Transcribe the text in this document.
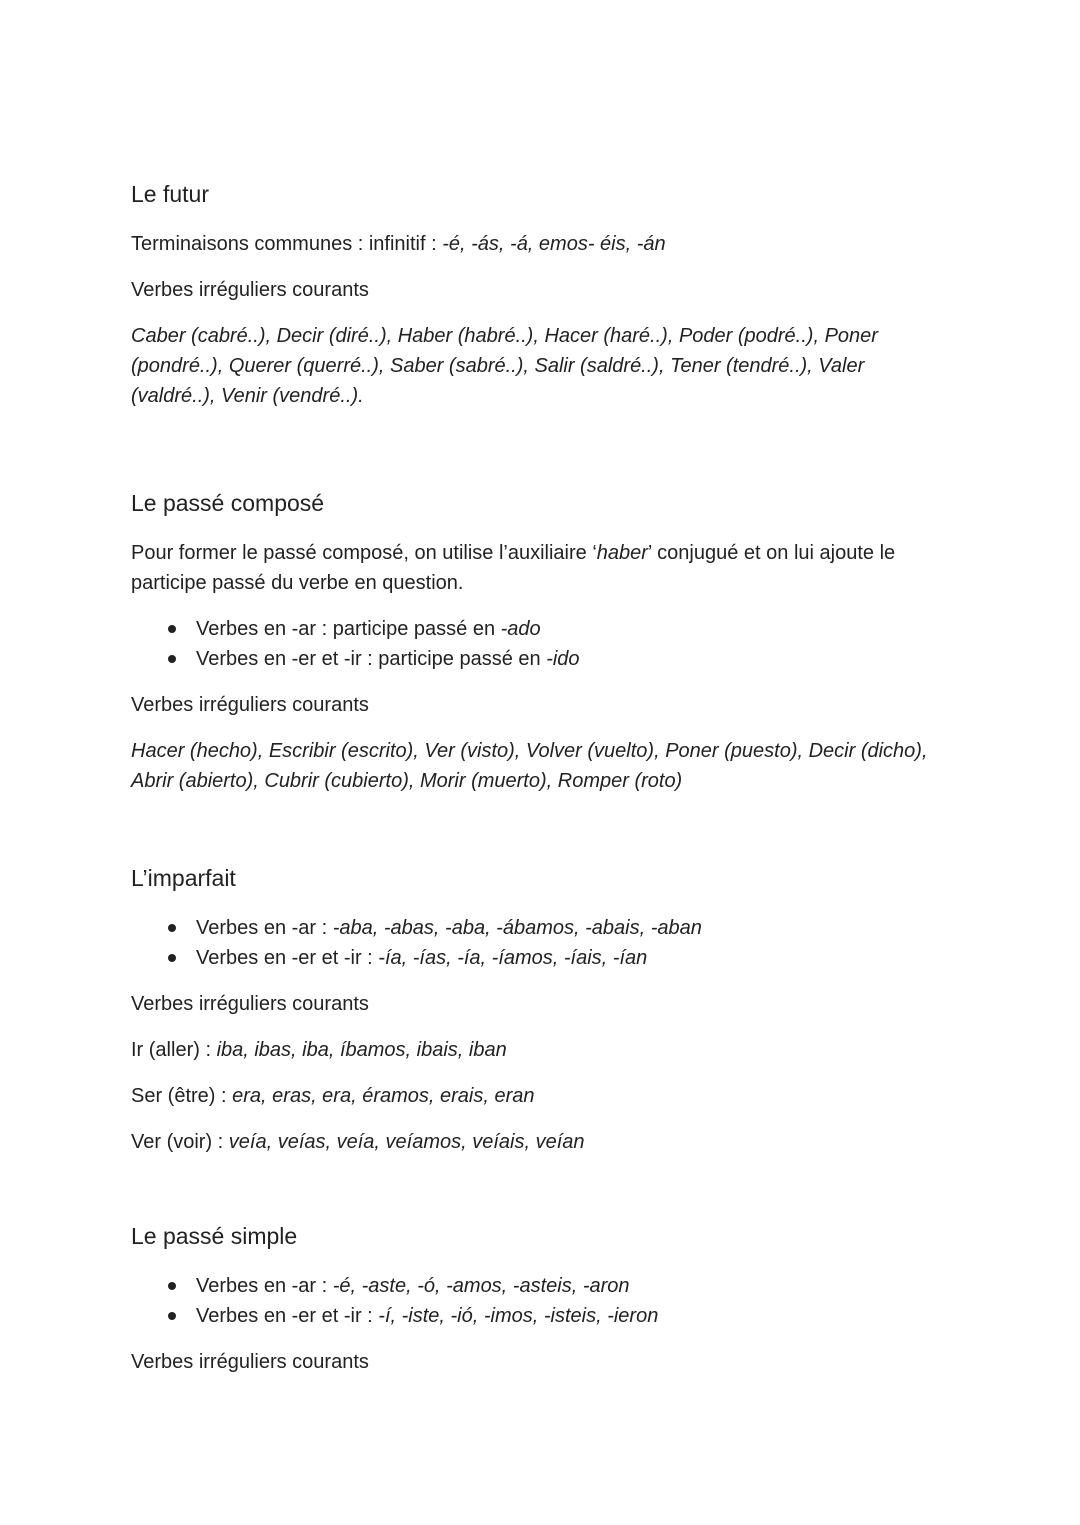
Le futur

Terminaisons communes : infinitif : -é, -ás, -á, emos- éis, -án

Verbes irréguliers courants

Caber (cabré..), Decir (diré..), Haber (habré..), Hacer (haré..), Poder (podré..), Poner (pondré..), Querer (querré..), Saber (sabré..), Salir (saldré..), Tener (tendré..), Valer (valdré..), Venir (vendré..).

Le passé composé

Pour former le passé composé, on utilise l’auxiliaire ‘haber’ conjugué et on lui ajoute le participe passé du verbe en question.

Verbes en -ar : participe passé en -ado
Verbes en -er et -ir : participe passé en -ido

Verbes irréguliers courants

Hacer (hecho), Escribir (escrito), Ver (visto), Volver (vuelto), Poner (puesto), Decir (dicho), Abrir (abierto), Cubrir (cubierto), Morir (muerto), Romper (roto)

L’imparfait
Verbes en -ar : -aba, -abas, -aba, -ábamos, -abais, -aban
Verbes en -er et -ir : -ía, -ías, -ía, -íamos, -íais, -ían

Verbes irréguliers courants

Ir (aller) : iba, ibas, iba, íbamos, ibais, iban

Ser (être) : era, eras, era, éramos, erais, eran

Ver (voir) : veía, veías, veía, veíamos, veíais, veían

Le passé simple
Verbes en -ar : -é, -aste, -ó, -amos, -asteis, -aron
Verbes en -er et -ir : -í, -iste, -ió, -imos, -isteis, -ieron

Verbes irréguliers courants
